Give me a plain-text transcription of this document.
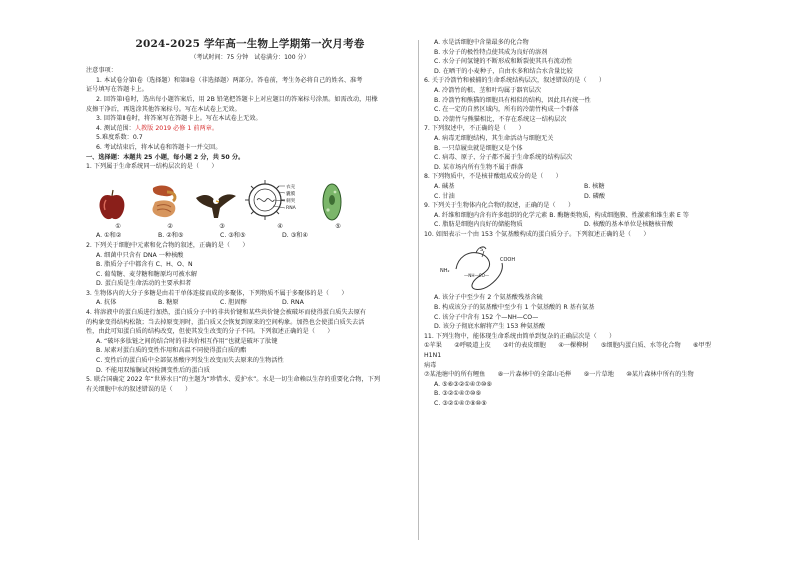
2024-2025 学年高一生物上学期第一次月考卷
（考试时间：75 分钟　试卷满分：100 分）

注意事项：

1. 本试卷分第Ⅰ卷（选择题）和第Ⅱ卷（非选择题）两部分。答卷前，考生务必将自己的姓名、准考

证号填写在答题卡上。

2. 回答第Ⅰ卷时，选出每小题答案后，用 2B 铅笔把答题卡上对应题目的答案标号涂黑。如需改动，用橡

皮擦干净后，再选涂其他答案标号。写在本试卷上无效。

3. 回答第Ⅱ卷时，将答案写在答题卡上。写在本试卷上无效。

4. 测试范围：人教版 2019 必修 1 前两章。

5.难度系数：0.7

6. 考试结束后，将本试卷和答题卡一并交回。

一、选择题：本题共 25 小题，每小题 2 分，共 50 分。

1. 下列属于生命系统同一结构层次的是（　　）

衣壳
囊膜
刺突
RNA
①	②	③	④	⑤
A. ①和②	B. ②和⑤	C. ③和⑤	D. ③和④

2. 下列关于细胞中元素和化合物的叙述，正确的是（　　）

A. 细菌中只含有 DNA 一种核酸

B. 脂质分子中都含有 C、H、O、N

C. 葡萄糖、麦芽糖和糖原均可被水解

D. 蛋白质是生命活动的主要承担者

3. 生物体内的大分子多糖是由若干单体连接而成的多聚体，下列物质不属于多聚体的是（　　）

A. 抗体	B. 糖原	C. 胆固醇	D. RNA

4. 将溶液中的蛋白质进行加热，蛋白质分子中的非共价键和某些共价键会被破坏而使得蛋白质失去原有

的构象变得结构松散；当去掉原变剂时，蛋白质又会恢复到原来的空间构象。加热也会使蛋白质失去活

性，由此可知蛋白质的结构改变，但使其发生改变的分子不同。下列叙述正确的是（　　）

A. “破坏多肽链之间的结合时的非共价相互作用”也就是破坏了肽键

B. 尿素对蛋白质的变性作用和高温不同使得蛋白质的酯

C. 变性后的蛋白质中全部氨基酸序列发生改变而失去原来的生物活性

D. 不能用双缩脲试剂检测变性后的蛋白质

5. 联合国确定 2022 年“世界水日”的主题为“珍惜水、爱护水”。水是一切生命赖以生存的重要化合物，下列

有关细胞中水的叙述错误的是（　　）

A. 水是活细胞中含量最多的化合物

B. 水分子的极性特点使其成为良好的溶剂

C. 水分子间氢键的不断形成和断裂使其具有流动性

D. 在晒干的小麦种子，自由水多和结合水含量比较

6. 关于冷箭竹和被捕的生命系统结构层次，叙述错误的是（　　）

A. 冷箭竹的根、茎和叶均属于器官层次

B. 冷箭竹和熊猫的细胞具有相似的结构，因此具有统一性

C. 在一定的自然区域内，所有的冷箭竹构成一个群落

D. 冷箭竹与熊猫相比，不存在系统这一结构层次

7. 下列叙述中，不正确的是（　　）

A. 病毒无细胞结构，其生命活动与细胞无关

B. 一只草履虫就是细胞又是个体

C. 病毒、原子、分子都不属于生命系统的结构层次

D. 某市场内所有生物不属于群落

8. 下列物质中，不是核苷酸组成成分的是（　　）

A. 碱基	B. 核糖
C. 甘油	D. 磷酸

9. 下列关于生物体内化合物的叙述，正确的是（　　）

A. 纤维和细胞内含有许多组织的化学元素 B. 酶糖类物质，构成细胞膜、性激素和维生素 E 等

C. 脂肪是细胞内良好的储能物质	D. 核酸的基本单位是核糖核苷酸

10. 如图表示一个由 153 个氨基酸构成的蛋白质分子。下列叙述正确的是（　　）

S
NH₂
COOH
—NH—CO—

A. 该分子中至少有 2 个氨基酸残基含硫

B. 构成该分子的氨基酸中至少有 1 个氨基酸的 R 基有氨基

C. 该分子中含有 152 个—NH—CO—

D. 该分子彻底水解将产生 153 种氨基酸

11. 下列生物中，能体现生命系统由简单到复杂的正确层次是（　　）

①苹果　　②呼吸道上皮　　③叶的表皮细胞　　④一棵柳树　　⑤细胞内蛋白质、水等化合物　　⑥甲型 H1N1

病毒

⑦某池塘中的所有鲤鱼　　⑧一片森林中的全部山毛榉　　⑨一片草地　　⑩某片森林中所有的生物

A. ⑤⑥③②①④⑦⑩⑨

B. ③②①④⑦⑩⑨

C. ③②①④⑦⑧⑩⑨
